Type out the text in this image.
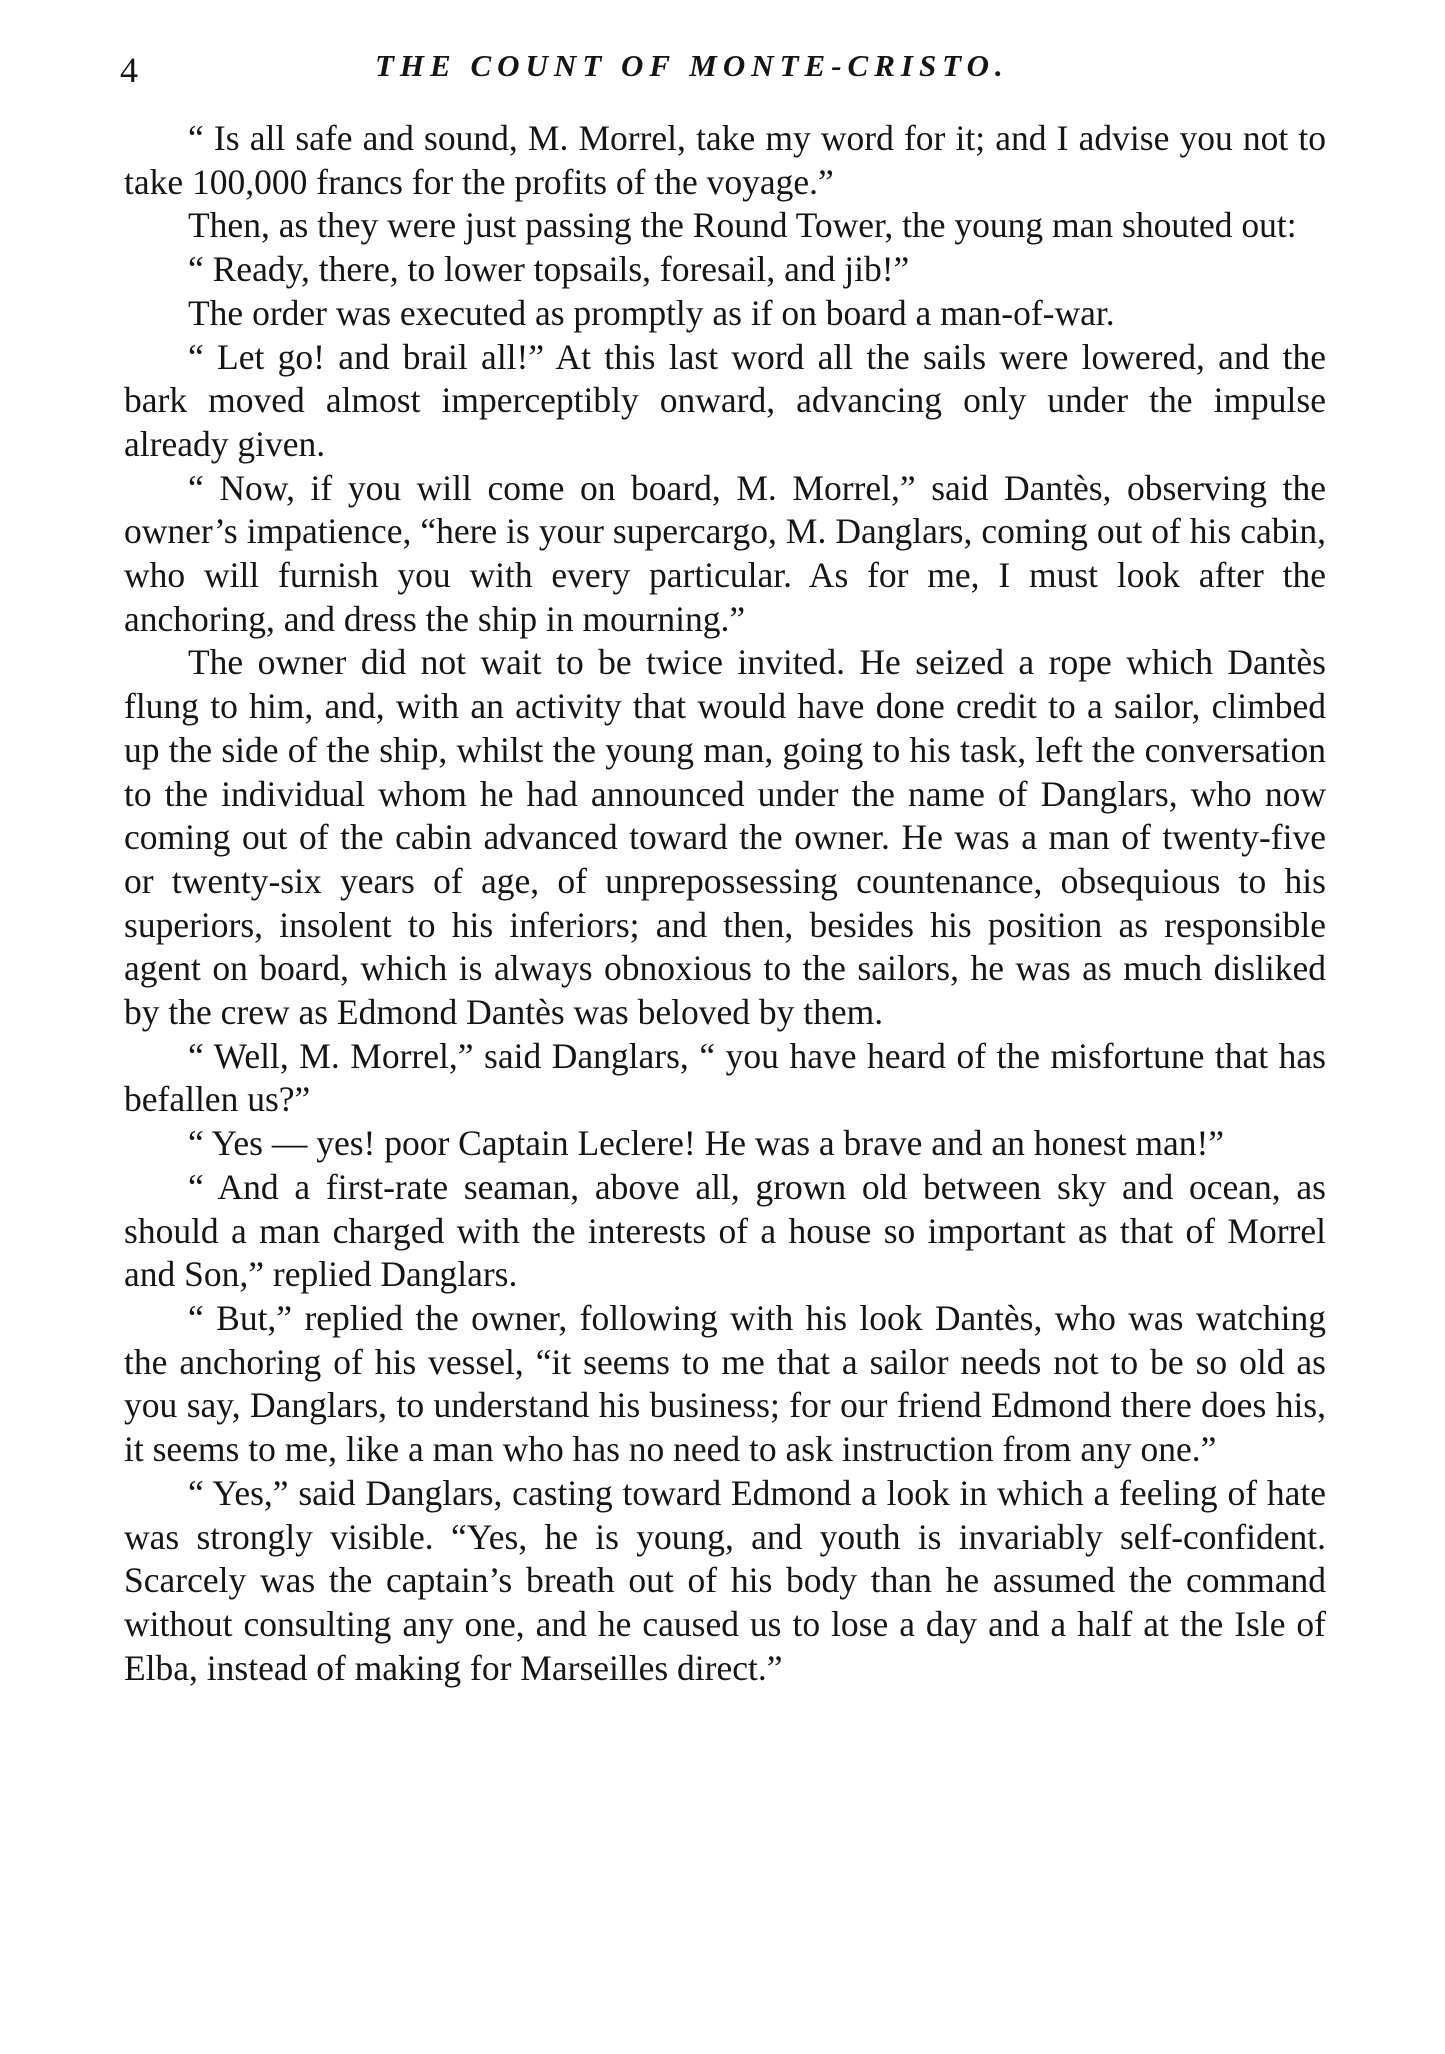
4	THE COUNT OF MONTE-CRISTO.

“ Is all safe and sound, M. Morrel, take my word for it; and I advise you not to take 100,000 francs for the profits of the voyage.”

Then, as they were just passing the Round Tower, the young man shouted out:

“ Ready, there, to lower topsails, foresail, and jib!”

The order was executed as promptly as if on board a man-of-war.

“ Let go! and brail all!” At this last word all the sails were lowered, and the bark moved almost imperceptibly onward, advancing only under the impulse already given.

“ Now, if you will come on board, M. Morrel,” said Dantès, observing the owner’s impatience, “here is your supercargo, M. Danglars, coming out of his cabin, who will furnish you with every particular. As for me, I must look after the anchoring, and dress the ship in mourning.”

The owner did not wait to be twice invited. He seized a rope which Dantès flung to him, and, with an activity that would have done credit to a sailor, climbed up the side of the ship, whilst the young man, going to his task, left the conversation to the individual whom he had announced under the name of Danglars, who now coming out of the cabin advanced toward the owner. He was a man of twenty-five or twenty-six years of age, of unprepossessing countenance, obsequious to his superiors, insolent to his inferiors; and then, besides his position as responsible agent on board, which is always obnoxious to the sailors, he was as much disliked by the crew as Edmond Dantès was beloved by them.

“ Well, M. Morrel,” said Danglars, “ you have heard of the misfortune that has befallen us?”

“ Yes — yes! poor Captain Leclere! He was a brave and an honest man!”

“ And a first-rate seaman, above all, grown old between sky and ocean, as should a man charged with the interests of a house so important as that of Morrel and Son,” replied Danglars.

“ But,” replied the owner, following with his look Dantès, who was watching the anchoring of his vessel, “it seems to me that a sailor needs not to be so old as you say, Danglars, to understand his business; for our friend Edmond there does his, it seems to me, like a man who has no need to ask instruction from any one.”

“ Yes,” said Danglars, casting toward Edmond a look in which a feeling of hate was strongly visible. “Yes, he is young, and youth is invariably self-confident. Scarcely was the captain’s breath out of his body than he assumed the command without consulting any one, and he caused us to lose a day and a half at the Isle of Elba, instead of making for Marseilles direct.”
